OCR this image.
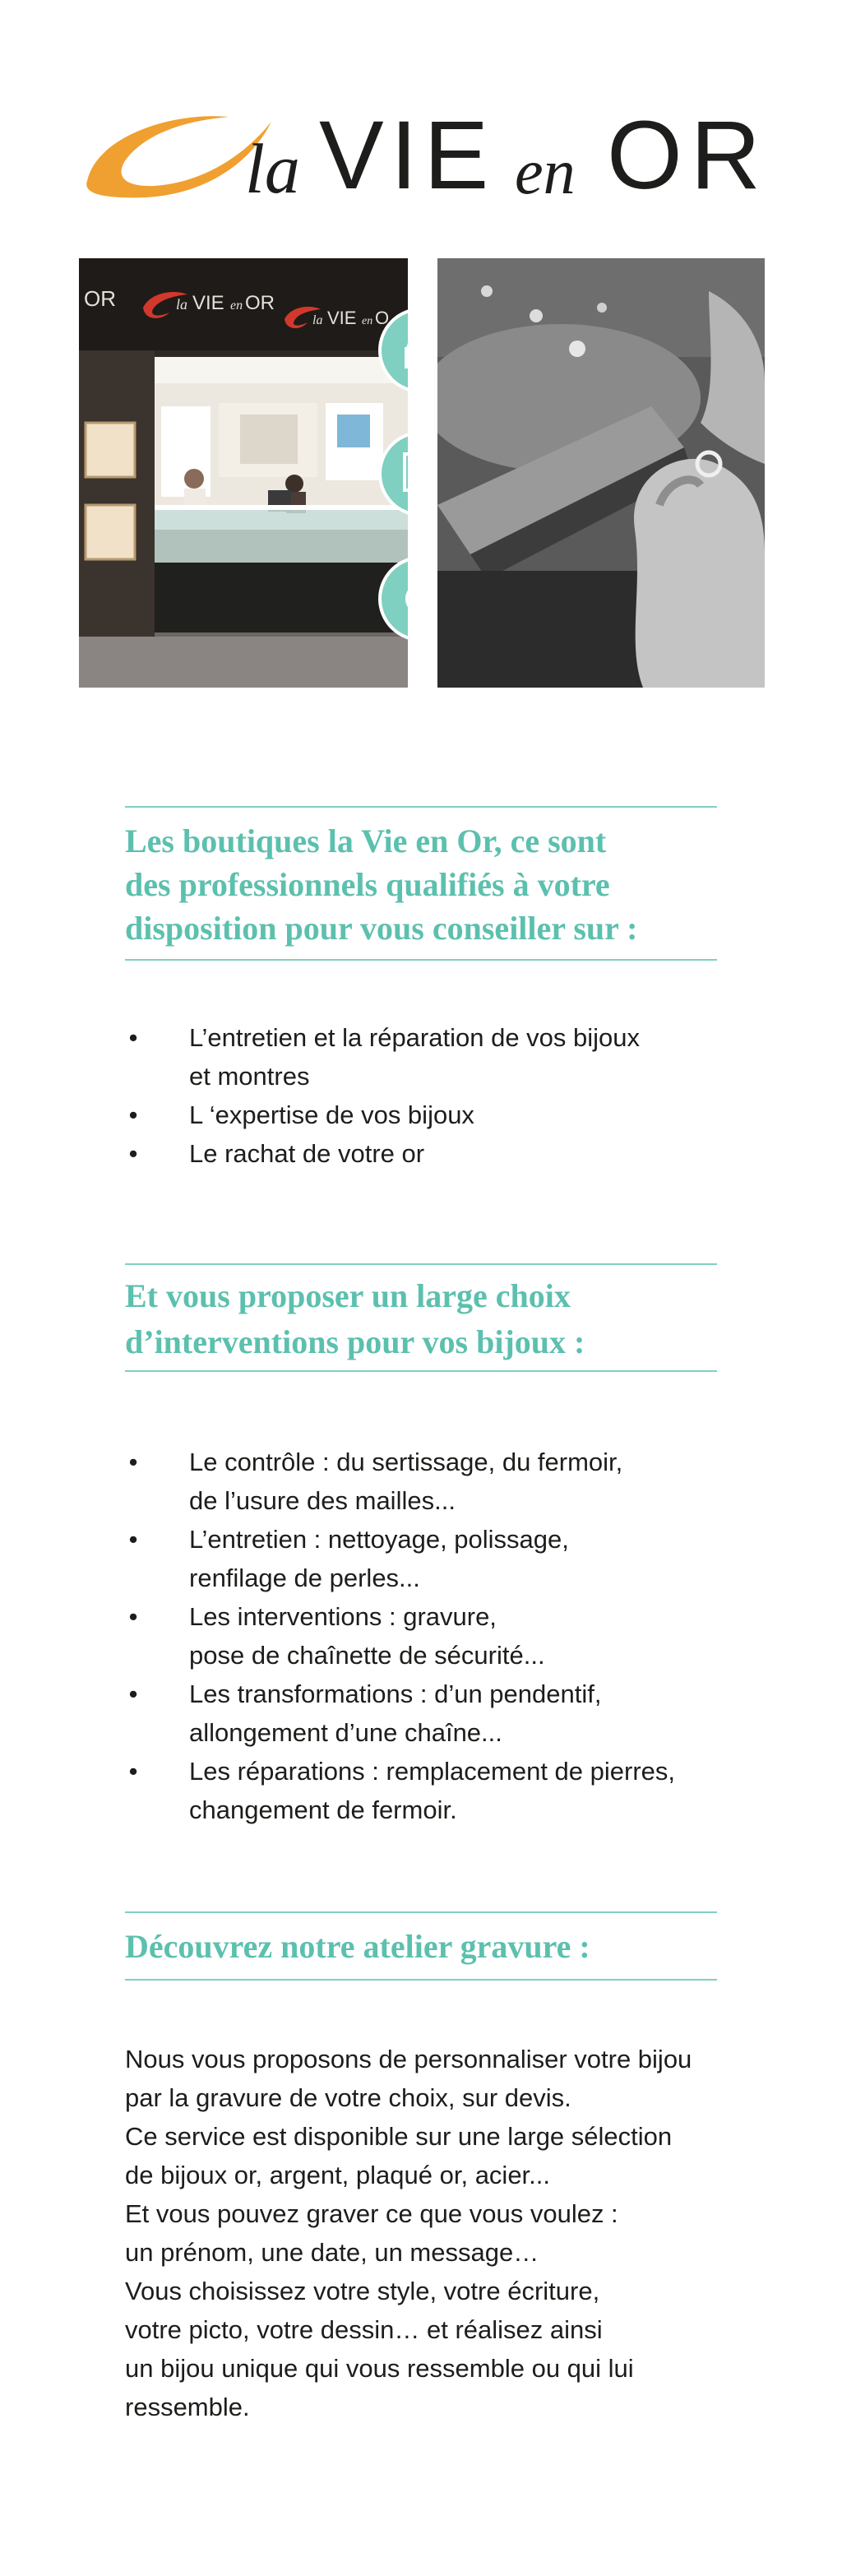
la VIE en OR
OR	la VIE en OR
la VIE en O
Les boutiques la Vie en Or, ce sont
des professionnels qualifiés à votre
disposition pour vous conseiller sur :
• L’entretien et la réparation de vos bijoux
et montres
• L ‘expertise de vos bijoux
• Le rachat de votre or
Et vous proposer un large choix
d’interventions pour vos bijoux :
• Le contrôle : du sertissage, du fermoir,
de l’usure des mailles...
• L’entretien : nettoyage, polissage,
renfilage de perles...
• Les interventions : gravure,
pose de chaînette de sécurité...
• Les transformations : d’un pendentif,
allongement d’une chaîne...
• Les réparations : remplacement de pierres,
changement de fermoir.
Découvrez notre atelier gravure :

Nous vous proposons de personnaliser votre bijou
par la gravure de votre choix, sur devis.
Ce service est disponible sur une large sélection
de bijoux or, argent, plaqué or, acier...
Et vous pouvez graver ce que vous voulez :
un prénom, une date, un message…
Vous choisissez votre style, votre écriture,
votre picto, votre dessin… et réalisez ainsi
un bijou unique qui vous ressemble ou qui lui
ressemble.
